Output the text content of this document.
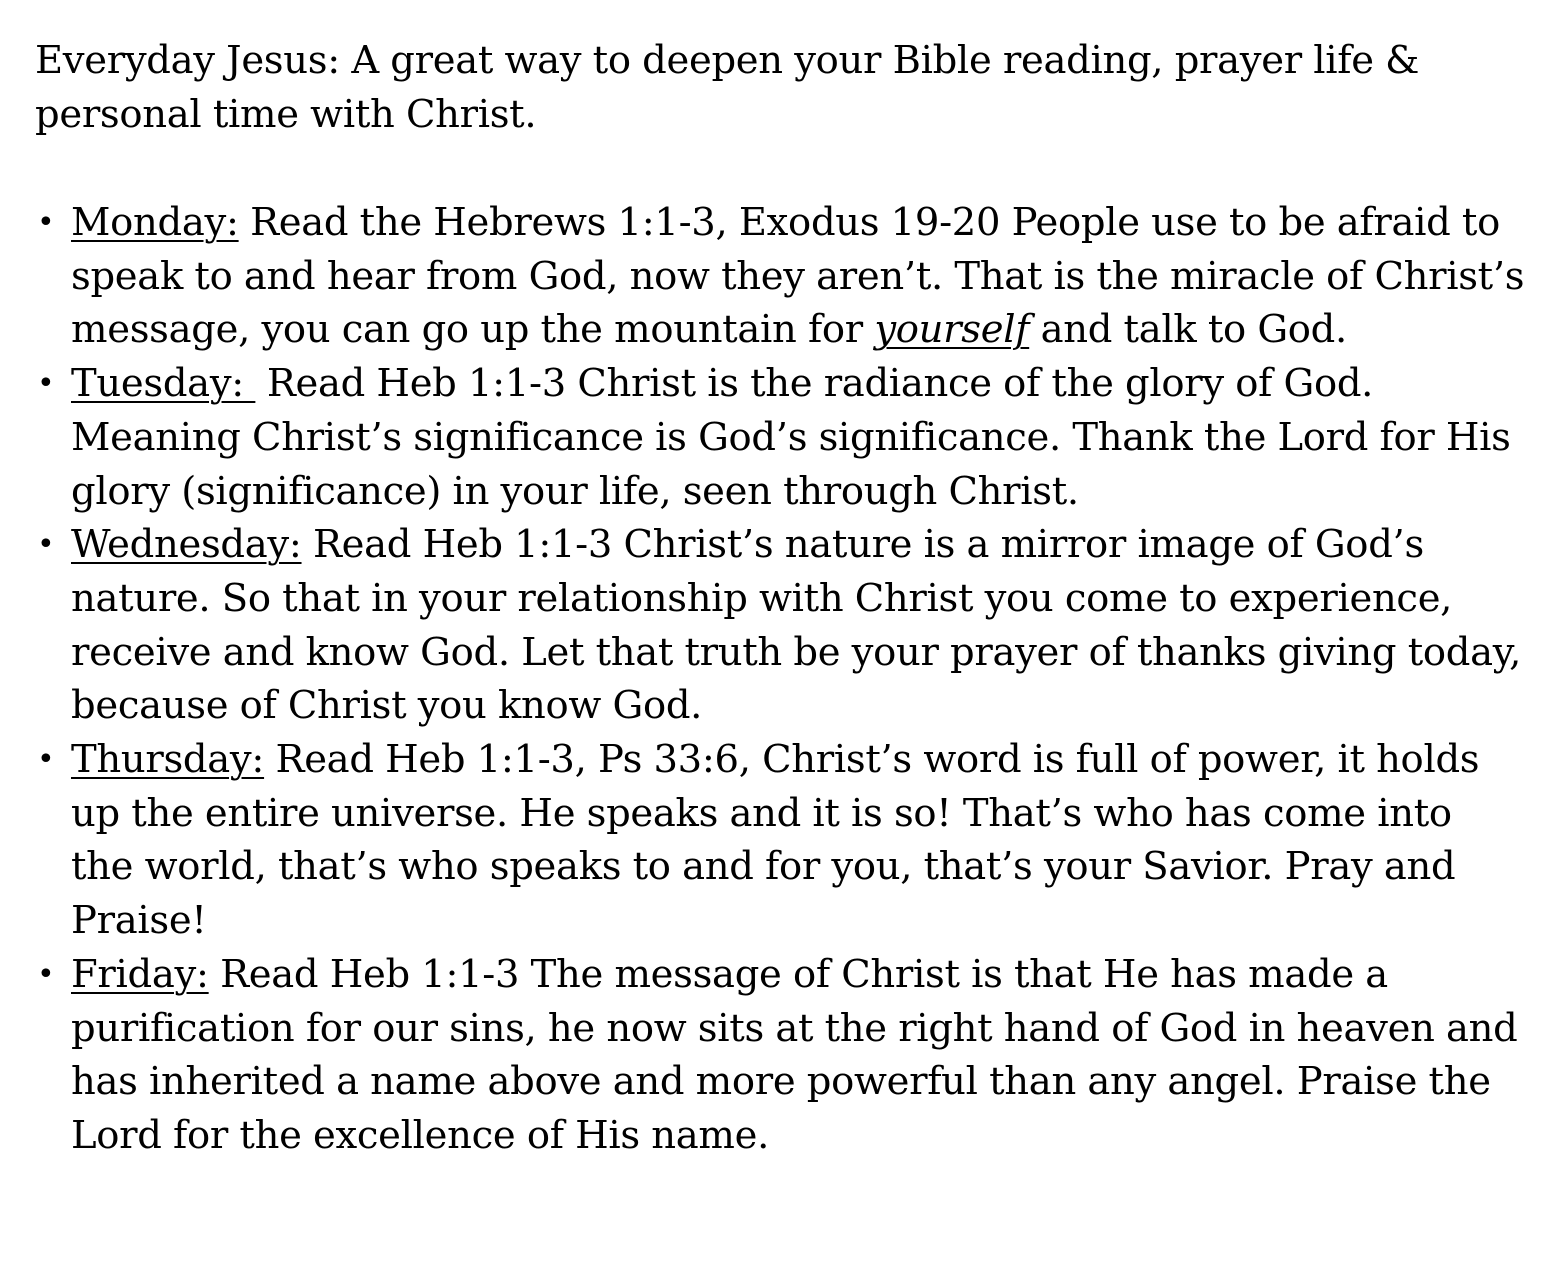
Everyday Jesus: A great way to deepen your Bible reading, prayer life &
personal time with Christ.

• Monday: Read the Hebrews 1:1-3, Exodus 19-20 People use to be afraid to speak to and hear from God, now they aren’t. That is the miracle of Christ’s message, you can go up the mountain for yourself and talk to God.
• Tuesday:  Read Heb 1:1-3 Christ is the radiance of the glory of God. Meaning Christ’s significance is God’s significance. Thank the Lord for His glory (significance) in your life, seen through Christ.
• Wednesday: Read Heb 1:1-3 Christ’s nature is a mirror image of God’s nature. So that in your relationship with Christ you come to experience, receive and know God. Let that truth be your prayer of thanks giving today, because of Christ you know God.
• Thursday: Read Heb 1:1-3, Ps 33:6, Christ’s word is full of power, it holds up the entire universe. He speaks and it is so! That’s who has come into the world, that’s who speaks to and for you, that’s your Savior. Pray and Praise!
• Friday: Read Heb 1:1-3 The message of Christ is that He has made a purification for our sins, he now sits at the right hand of God in heaven and has inherited a name above and more powerful than any angel. Praise the Lord for the excellence of His name.
